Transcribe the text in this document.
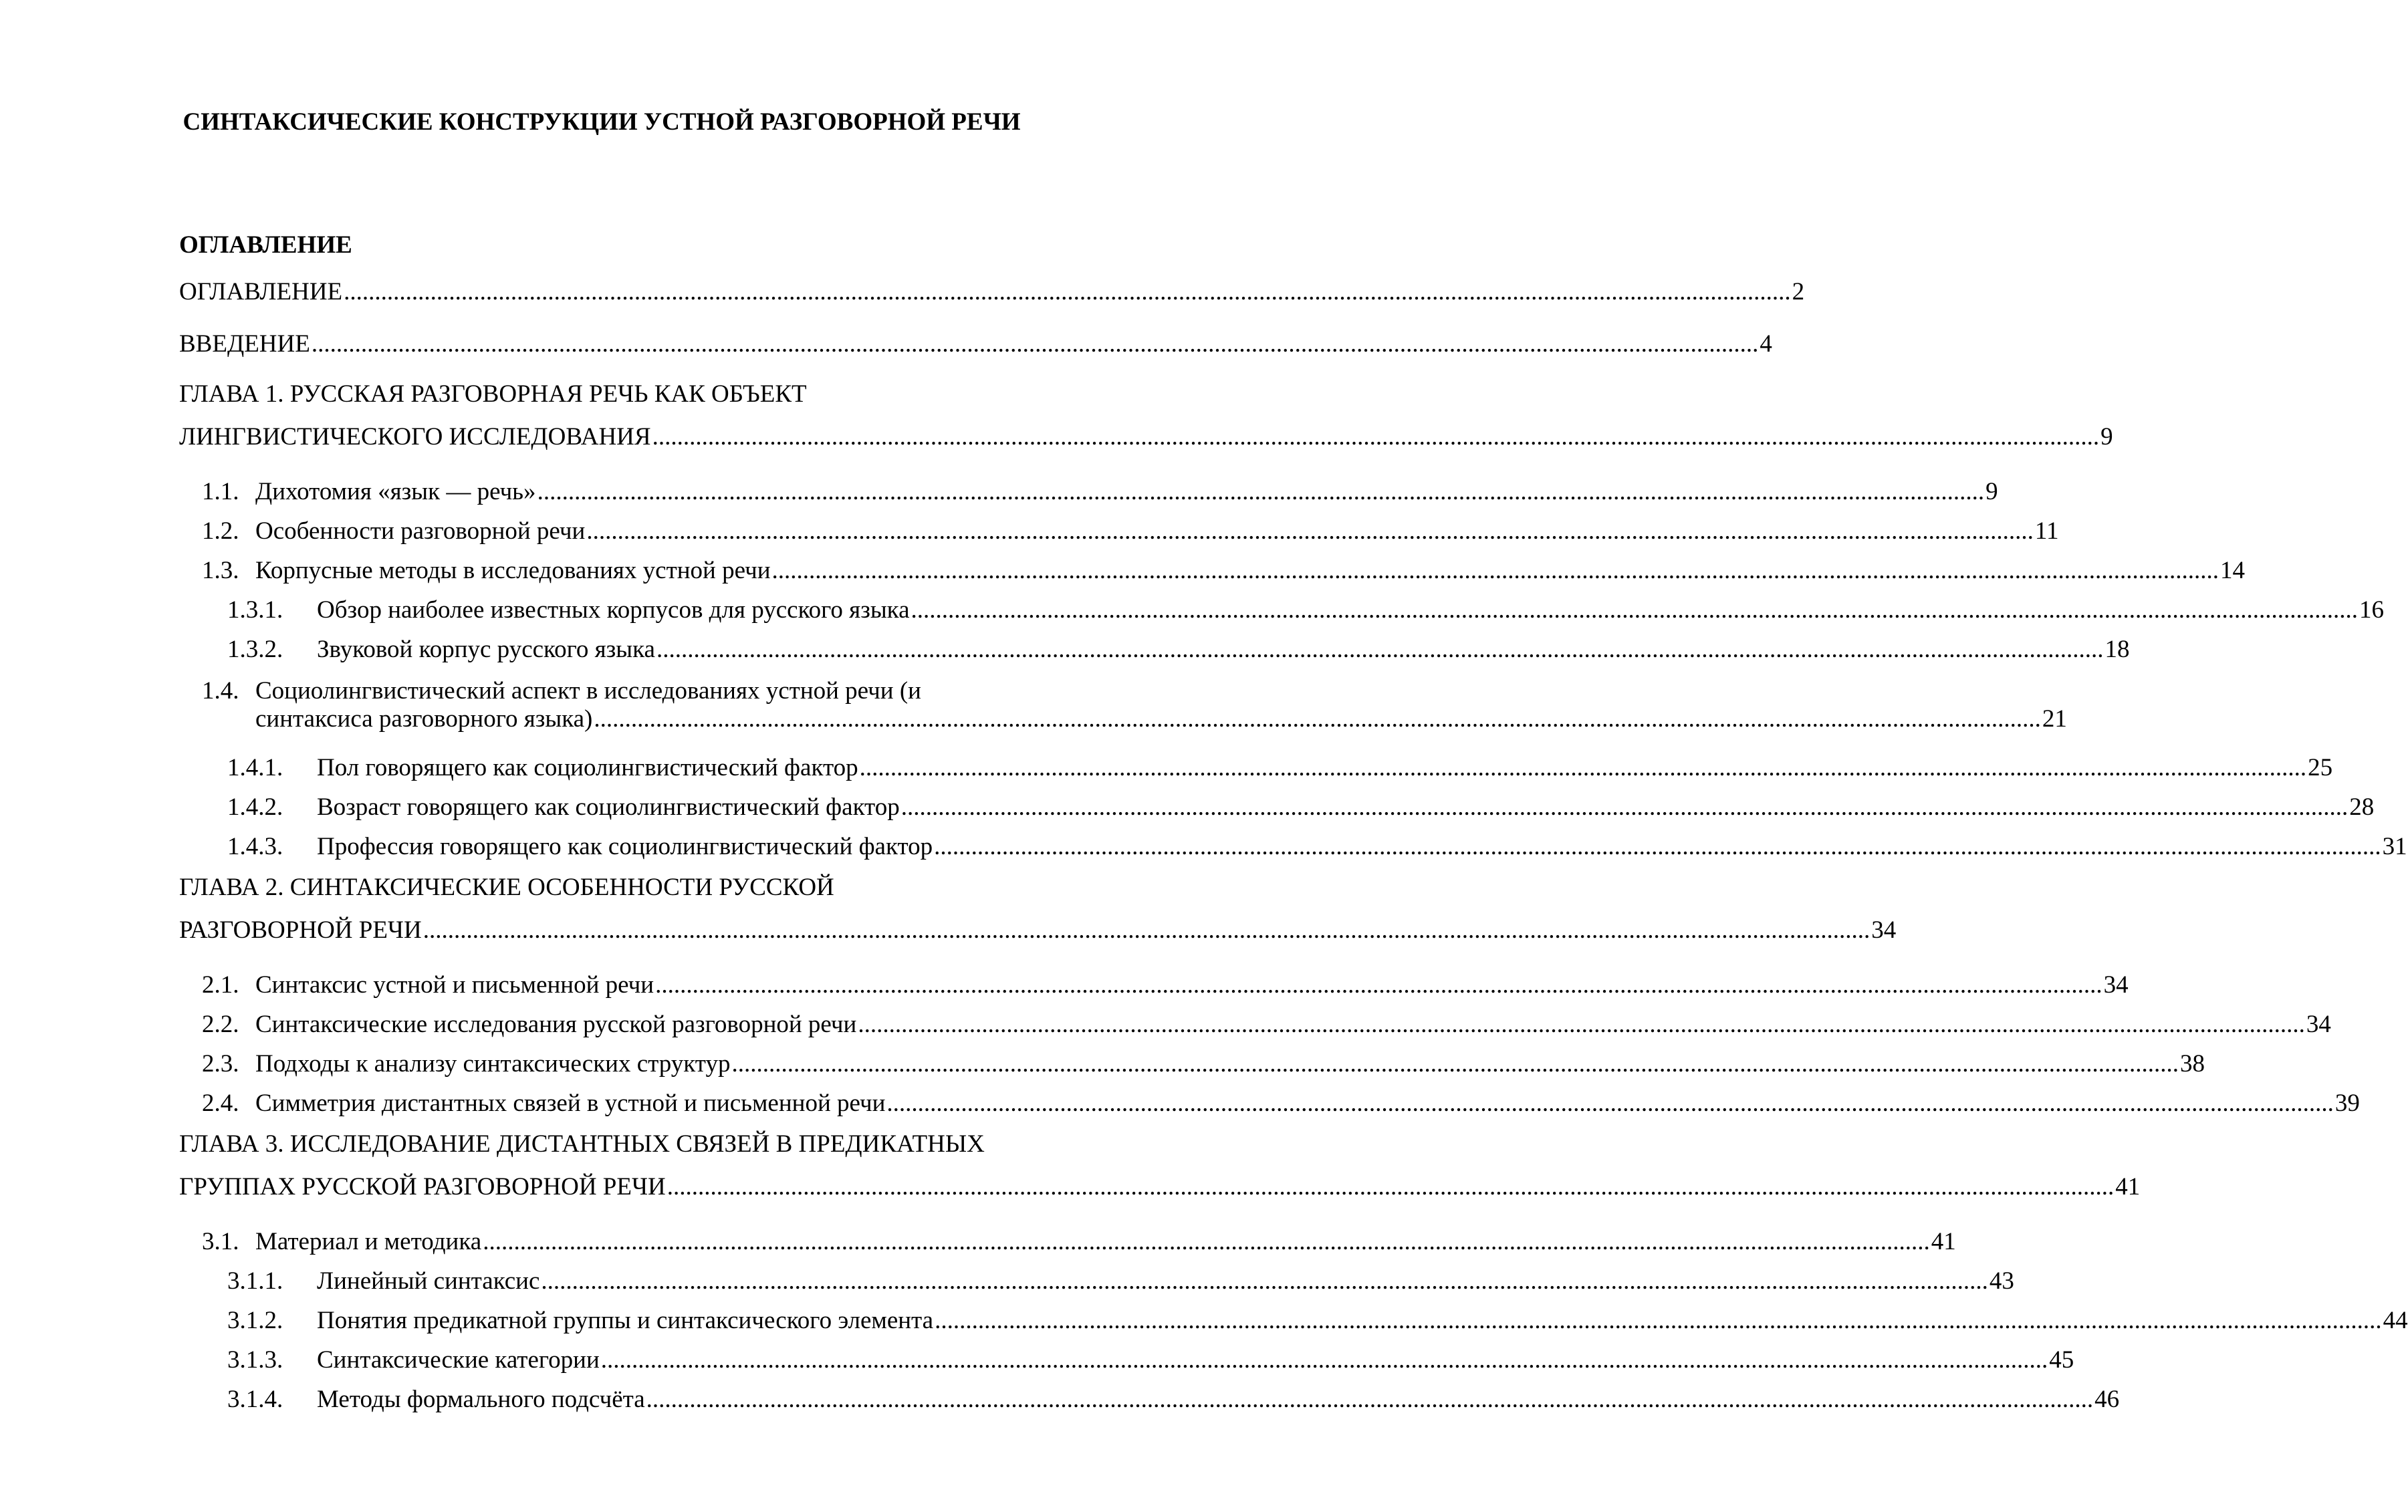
СИНТАКСИЧЕСКИЕ КОНСТРУКЦИИ УСТНОЙ РАЗГОВОРНОЙ РЕЧИ
ОГЛАВЛЕНИЕ
ОГЛАВЛЕНИЕ .......................................................................................................................................................................................................................................... 2
ВВЕДЕНИЕ .......................................................................................................................................................................................................................................... 4
ГЛАВА 1. РУССКАЯ РАЗГОВОРНАЯ РЕЧЬ КАК ОБЪЕКТ
ЛИНГВИСТИЧЕСКОГО ИССЛЕДОВАНИЯ .......................................................................................................................................................................................................................................... 9
1.1. Дихотомия «язык — речь» .......................................................................................................................................................................................................................................... 9
1.2. Особенности разговорной речи .......................................................................................................................................................................................................................................... 11
1.3. Корпусные методы в исследованиях устной речи .......................................................................................................................................................................................................................................... 14
1.3.1. Обзор наиболее известных корпусов для русского языка .......................................................................................................................................................................................................................................... 16
1.3.2. Звуковой корпус русского языка .......................................................................................................................................................................................................................................... 18
1.4. Социолингвистический аспект в исследованиях устной речи (и
синтаксиса разговорного языка) .......................................................................................................................................................................................................................................... 21
1.4.1. Пол говорящего как социолингвистический фактор .......................................................................................................................................................................................................................................... 25
1.4.2. Возраст говорящего как социолингвистический фактор .......................................................................................................................................................................................................................................... 28
1.4.3. Профессия говорящего как социолингвистический фактор .......................................................................................................................................................................................................................................... 31
ГЛАВА 2. СИНТАКСИЧЕСКИЕ ОСОБЕННОСТИ РУССКОЙ
РАЗГОВОРНОЙ РЕЧИ .......................................................................................................................................................................................................................................... 34
2.1. Синтаксис устной и письменной речи .......................................................................................................................................................................................................................................... 34
2.2. Синтаксические исследования русской разговорной речи .......................................................................................................................................................................................................................................... 34
2.3. Подходы к анализу синтаксических структур .......................................................................................................................................................................................................................................... 38
2.4. Симметрия дистантных связей в устной и письменной речи .......................................................................................................................................................................................................................................... 39
ГЛАВА 3. ИССЛЕДОВАНИЕ ДИСТАНТНЫХ СВЯЗЕЙ В ПРЕДИКАТНЫХ
ГРУППАХ РУССКОЙ РАЗГОВОРНОЙ РЕЧИ .......................................................................................................................................................................................................................................... 41
3.1. Материал и методика .......................................................................................................................................................................................................................................... 41
3.1.1. Линейный синтаксис .......................................................................................................................................................................................................................................... 43
3.1.2. Понятия предикатной группы и синтаксического элемента .......................................................................................................................................................................................................................................... 44
3.1.3. Синтаксические категории .......................................................................................................................................................................................................................................... 45
3.1.4. Методы формального подсчёта .......................................................................................................................................................................................................................................... 46
